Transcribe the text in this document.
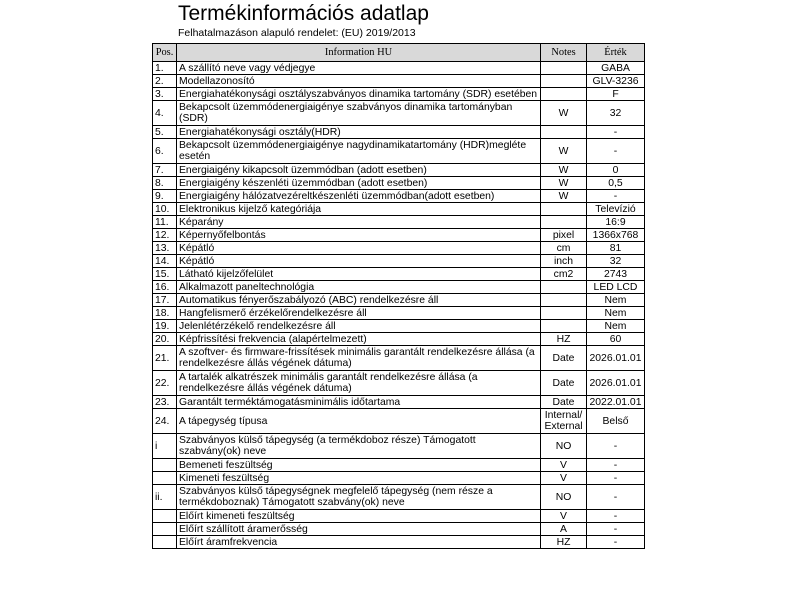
Termékinformációs adatlap
Felhatalmazáson alapuló rendelet: (EU) 2019/2013
Pos.	Information HU	Notes	Érték
1.	A szállító neve vagy védjegye		GABA
2.	Modellazonosító		GLV-3236
3.	Energiahatékonysági osztályszabványos dinamika tartomány (SDR) esetében		F
4.	Bekapcsolt üzemmódenergiaigénye szabványos dinamika tartományban (SDR)	W	32
5.	Energiahatékonysági osztály(HDR)		-
6.	Bekapcsolt üzemmódenergiaigénye nagydinamikatartomány (HDR)megléte esetén	W	-
7.	Energiaigény kikapcsolt üzemmódban (adott esetben)	W	0
8.	Energiaigény készenléti üzemmódban (adott esetben)	W	0,5
9.	Energiaigény hálózatvezéreltkészenléti üzemmódban(adott esetben)	W	-
10.	Elektronikus kijelző kategóriája		Televízió
11.	Képarány		16:9
12.	Képernyőfelbontás	pixel	1366x768
13.	Képátló	cm	81
14.	Képátló	inch	32
15.	Látható kijelzőfelület	cm2	2743
16.	Alkalmazott paneltechnológia		LED LCD
17.	Automatikus fényerőszabályozó (ABC) rendelkezésre áll		Nem
18.	Hangfelismerő érzékelőrendelkezésre áll		Nem
19.	Jelenlétérzékelő rendelkezésre áll		Nem
20.	Képfrissítési frekvencia (alapértelmezett)	HZ	60
21.	A szoftver- és firmware-frissítések minimális garantált rendelkezésre állása (a rendelkezésre állás végének dátuma)	Date	2026.01.01
22.	A tartalék alkatrészek minimális garantált rendelkezésre állása (a rendelkezésre állás végének dátuma)	Date	2026.01.01
23.	Garantált terméktámogatásminimális időtartama	Date	2022.01.01
24.	A tápegység típusa	Internal/ External	Belső
i	Szabványos külső tápegység (a termékdoboz része) Támogatott szabvány(ok) neve	NO	-
	Bemeneti feszültség	V	-
	Kimeneti feszültség	V	-
ii.	Szabványos külső tápegységnek megfelelő tápegység (nem része a termékdoboznak) Támogatott szabvány(ok) neve	NO	-
	Előírt kimeneti feszültség	V	-
	Előírt szállított áramerősség	A	-
	Előírt áramfrekvencia	HZ	-
